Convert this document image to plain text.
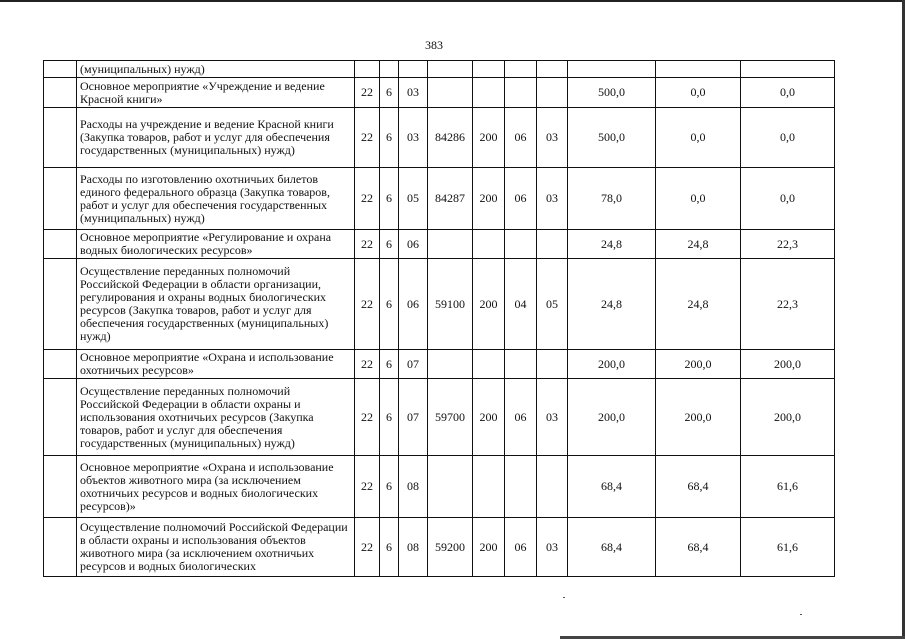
383
	(муниципальных) нужд)										
	Основное мероприятие «Учреждение и ведение Красной книги»	22	6	03					500,0	0,0	0,0
	Расходы на учреждение и ведение Красной книги (Закупка товаров, работ и услуг для обеспечения государственных (муниципальных) нужд)	22	6	03	84286	200	06	03	500,0	0,0	0,0
	Расходы по изготовлению охотничьих билетов единого федерального образца (Закупка товаров, работ и услуг для обеспечения государственных (муниципальных) нужд)	22	6	05	84287	200	06	03	78,0	0,0	0,0
	Основное мероприятие «Регулирование и охрана водных биологических ресурсов»	22	6	06					24,8	24,8	22,3
	Осуществление переданных полномочий Российской Федерации в области организации, регулирования и охраны водных биологических ресурсов (Закупка товаров, работ и услуг для обеспечения государственных (муниципальных) нужд)	22	6	06	59100	200	04	05	24,8	24,8	22,3
	Основное мероприятие «Охрана и использование охотничьих ресурсов»	22	6	07					200,0	200,0	200,0
	Осуществление переданных полномочий Российской Федерации в области охраны и использования охотничьих ресурсов (Закупка товаров, работ и услуг для обеспечения государственных (муниципальных) нужд)	22	6	07	59700	200	06	03	200,0	200,0	200,0
	Основное мероприятие «Охрана и использование объектов животного мира (за исключением охотничьих ресурсов и водных биологических ресурсов)»	22	6	08					68,4	68,4	61,6
	Осуществление полномочий Российской Федерации в области охраны и использования объектов животного мира (за исключением охотничьих ресурсов и водных биологических	22	6	08	59200	200	06	03	68,4	68,4	61,6
